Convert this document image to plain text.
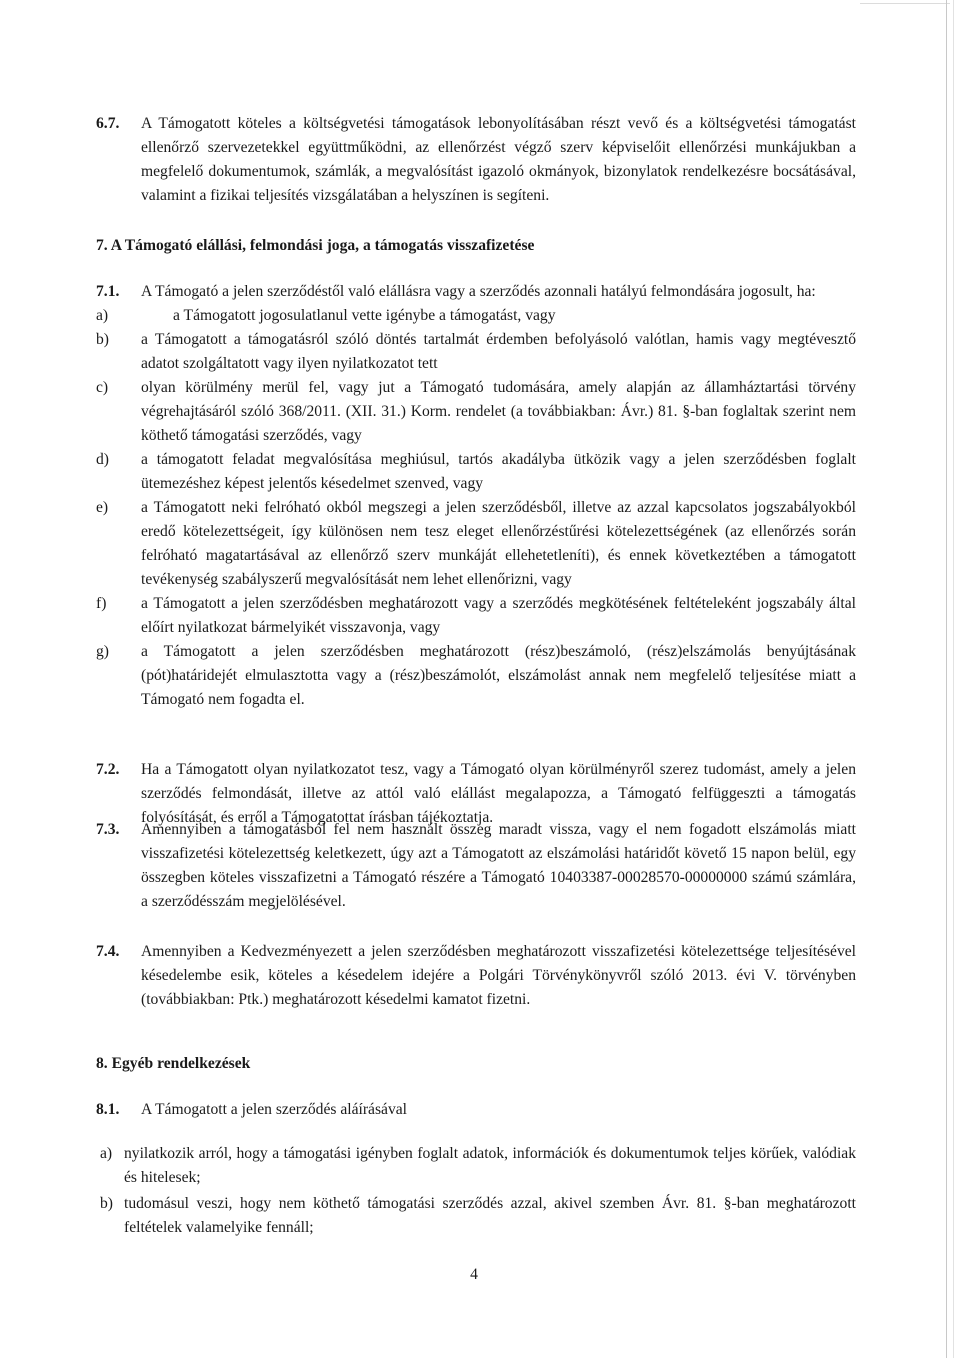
6.7. A Támogatott köteles a költségvetési támogatások lebonyolításában részt vevő és a költségvetési támogatást ellenőrző szervezetekkel együttműködni, az ellenőrzést végző szerv képviselőit ellenőrzési munkájukban a megfelelő dokumentumok, számlák, a megvalósítást igazoló okmányok, bizonylatok rendelkezésre bocsátásával, valamint a fizikai teljesítés vizsgálatában a helyszínen is segíteni.
7. A Támogató elállási, felmondási joga, a támogatás visszafizetése
7.1. A Támogató a jelen szerződéstől való elállásra vagy a szerződés azonnali hatályú felmondására jogosult, ha:
a)	a Támogatott jogosulatlanul vette igénybe a támogatást, vagy
b) a Támogatott a támogatásról szóló döntés tartalmát érdemben befolyásoló valótlan, hamis vagy megtévesztő adatot szolgáltatott vagy ilyen nyilatkozatot tett
c) olyan körülmény merül fel, vagy jut a Támogató tudomására, amely alapján az államháztartási törvény végrehajtásáról szóló 368/2011. (XII. 31.) Korm. rendelet (a továbbiakban: Ávr.) 81. §-ban foglaltak szerint nem köthető támogatási szerződés, vagy
d) a támogatott feladat megvalósítása meghiúsul, tartós akadályba ütközik vagy a jelen szerződésben foglalt ütemezéshez képest jelentős késedelmet szenved, vagy
e) a Támogatott neki felróható okból megszegi a jelen szerződésből, illetve az azzal kapcsolatos jogszabályokból eredő kötelezettségeit, így különösen nem tesz eleget ellenőrzéstűrési kötelezettségének (az ellenőrzés során felróható magatartásával az ellenőrző szerv munkáját ellehetetleníti), és ennek következtében a támogatott tevékenység szabályszerű megvalósítását nem lehet ellenőrizni, vagy
f) a Támogatott a jelen szerződésben meghatározott vagy a szerződés megkötésének feltételeként jogszabály által előírt nyilatkozat bármelyikét visszavonja, vagy
g) a Támogatott a jelen szerződésben meghatározott (rész)beszámoló, (rész)elszámolás benyújtásának (pót)határidejét elmulasztotta vagy a (rész)beszámolót, elszámolást annak nem megfelelő teljesítése miatt a Támogató nem fogadta el.
7.2. Ha a Támogatott olyan nyilatkozatot tesz, vagy a Támogató olyan körülményről szerez tudomást, amely a jelen szerződés felmondását, illetve az attól való elállást megalapozza, a Támogató felfüggeszti a támogatás folyósítását, és erről a Támogatottat írásban tájékoztatja.
7.3. Amennyiben a támogatásból fel nem használt összeg maradt vissza, vagy el nem fogadott elszámolás miatt visszafizetési kötelezettség keletkezett, úgy azt a Támogatott az elszámolási határidőt követő 15 napon belül, egy összegben köteles visszafizetni a Támogató részére a Támogató 10403387-00028570-00000000 számú számlára, a szerződésszám megjelölésével.
7.4. Amennyiben a Kedvezményezett a jelen szerződésben meghatározott visszafizetési kötelezettsége teljesítésével késedelembe esik, köteles a késedelem idejére a Polgári Törvénykönyvről szóló 2013. évi V. törvényben (továbbiakban: Ptk.) meghatározott késedelmi kamatot fizetni.
8. Egyéb rendelkezések
8.1. A Támogatott a jelen szerződés aláírásával
a) nyilatkozik arról, hogy a támogatási igényben foglalt adatok, információk és dokumentumok teljes körűek, valódiak és hitelesek;
b) tudomásul veszi, hogy nem köthető támogatási szerződés azzal, akivel szemben Ávr. 81. §-ban meghatározott feltételek valamelyike fennáll;
4
